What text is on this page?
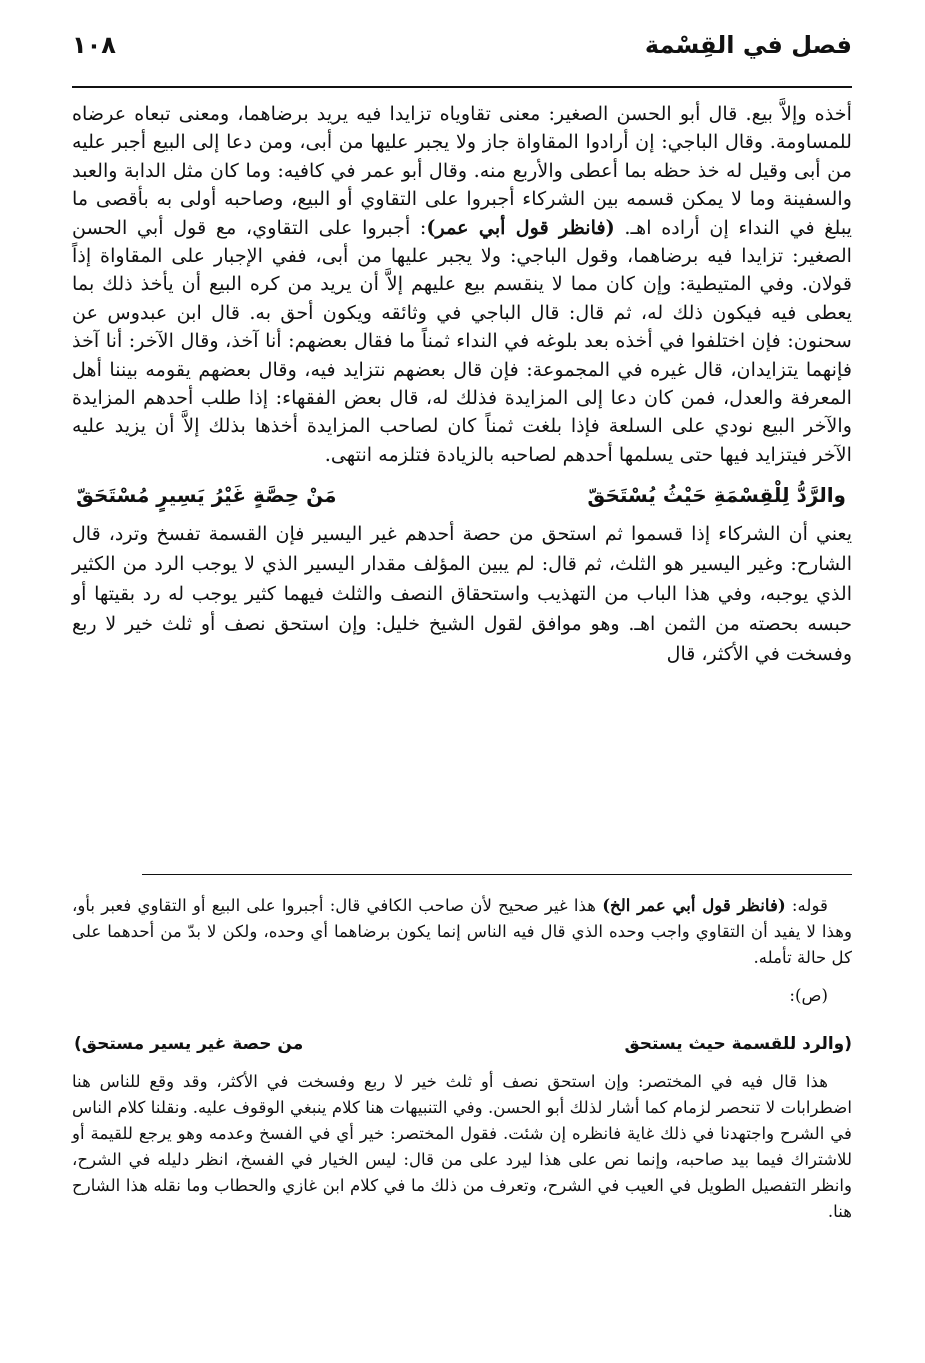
فصل في القِسْمة
١٠٨

أخذه وإلاَّ بيع. قال أبو الحسن الصغير: معنى تقاوياه تزايدا فيه يريد برضاهما، ومعنى تبعاه عرضاه للمساومة. وقال الباجي: إن أرادوا المقاواة جاز ولا يجبر عليها من أبى، ومن دعا إلى البيع أجبر عليه من أبى وقيل له خذ حظه بما أعطى والأربع منه. وقال أبو عمر في كافيه: وما كان مثل الدابة والعبد والسفينة وما لا يمكن قسمه بين الشركاء أجبروا على التقاوي أو البيع، وصاحبه أولى به بأقصى ما يبلغ في النداء إن أراده اهـ. (فانظر قول أبي عمر): أجبروا على التقاوي، مع قول أبي الحسن الصغير: تزايدا فيه برضاهما، وقول الباجي: ولا يجبر عليها من أبى، ففي الإجبار على المقاواة إذاً قولان. وفي المتيطية: وإن كان مما لا ينقسم بيع عليهم إلاَّ أن يريد من كره البيع أن يأخذ ذلك بما يعطى فيه فيكون ذلك له، ثم قال: قال الباجي في وثائقه ويكون أحق به. قال ابن عبدوس عن سحنون: فإن اختلفوا في أخذه بعد بلوغه في النداء ثمناً ما فقال بعضهم: أنا آخذ، وقال الآخر: أنا آخذ فإنهما يتزايدان، قال غيره في المجموعة: فإن قال بعضهم نتزايد فيه، وقال بعضهم يقومه بيننا أهل المعرفة والعدل، فمن كان دعا إلى المزايدة فذلك له، قال بعض الفقهاء: إذا طلب أحدهم المزايدة والآخر البيع نودي على السلعة فإذا بلغت ثمناً كان لصاحب المزايدة أخذها بذلك إلاَّ أن يزيد عليه الآخر فيتزايد فيها حتى يسلمها أحدهم لصاحبه بالزيادة فتلزمه انتهى.

والرَّدُّ لِلْقِسْمَةِ حَيْثُ يُسْتَحَقّ
مَنْ حِصَّةٍ غَيْرُ يَسِيرٍ مُسْتَحَقّ

يعني أن الشركاء إذا قسموا ثم استحق من حصة أحدهم غير اليسير فإن القسمة تفسخ وترد، قال الشارح: وغير اليسير هو الثلث، ثم قال: لم يبين المؤلف مقدار اليسير الذي لا يوجب الرد من الكثير الذي يوجبه، وفي هذا الباب من التهذيب واستحقاق النصف والثلث فيهما كثير يوجب له رد بقيتها أو حبسه بحصته من الثمن اهـ. وهو موافق لقول الشيخ خليل: وإن استحق نصف أو ثلث خير لا ربع وفسخت في الأكثر، قال

قوله: (فانظر قول أبي عمر الخ) هذا غير صحيح لأن صاحب الكافي قال: أجبروا على البيع أو التقاوي فعبر بأو، وهذا لا يفيد أن التقاوي واجب وحده الذي قال فيه الناس إنما يكون برضاهما أي وحده، ولكن لا بدّ من أحدهما على كل حالة تأمله.

(ص):

(والرد للقسمة حيث يستحق
من حصة غير يسير مستحق)

هذا قال فيه في المختصر: وإن استحق نصف أو ثلث خير لا ربع وفسخت في الأكثر، وقد وقع للناس هنا اضطرابات لا تنحصر لزمام كما أشار لذلك أبو الحسن. وفي التنبيهات هنا كلام ينبغي الوقوف عليه. ونقلنا كلام الناس في الشرح واجتهدنا في ذلك غاية فانظره إن شئت. فقول المختصر: خير أي في الفسخ وعدمه وهو يرجع للقيمة أو للاشتراك فيما بيد صاحبه، وإنما نص على هذا ليرد على من قال: ليس الخيار في الفسخ، انظر دليله في الشرح، وانظر التفصيل الطويل في العيب في الشرح، وتعرف من ذلك ما في كلام ابن غازي والحطاب وما نقله هذا الشارح هنا.
